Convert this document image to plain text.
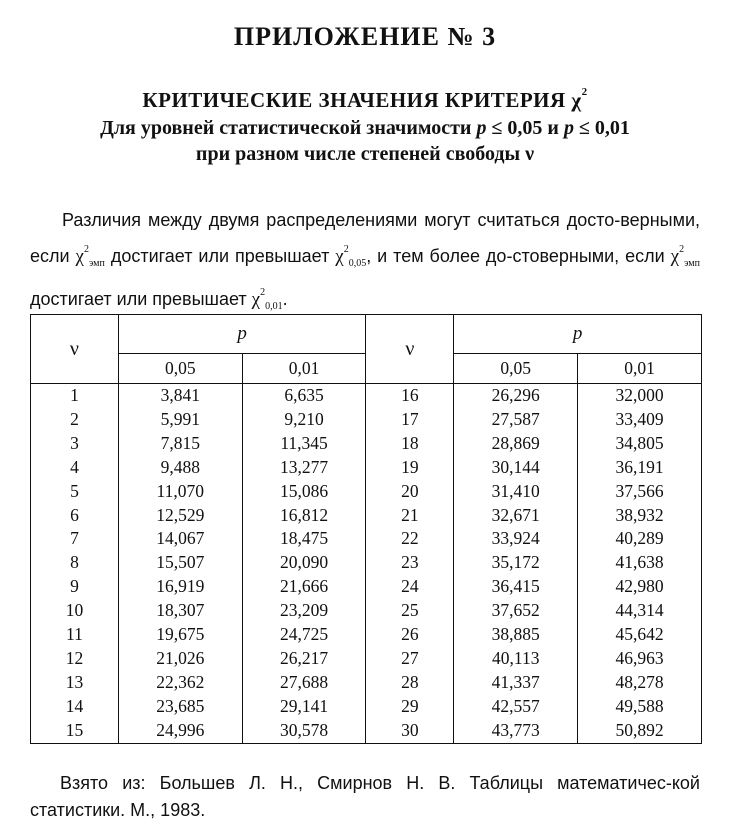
ПРИЛОЖЕНИЕ № 3
КРИТИЧЕСКИЕ ЗНАЧЕНИЯ КРИТЕРИЯ $\chi^2$
Для уровней статистической значимости p ≤ 0,05 и p ≤ 0,01
при разном числе степеней свободы ν
Различия между двумя распределениями могут считаться досто-верными, если $\chi^2_{эмп}$ достигает или превышает $\chi^2_{0,05}$, и тем более до-стоверными, если $\chi^2_{эмп}$ достигает или превышает $\chi^2_{0,01}$.
ν	p		ν	p	
	0,05	0,01		0,05	0,01
1	3,841	6,635	16	26,296	32,000
2	5,991	9,210	17	27,587	33,409
3	7,815	11,345	18	28,869	34,805
4	9,488	13,277	19	30,144	36,191
5	11,070	15,086	20	31,410	37,566
6	12,529	16,812	21	32,671	38,932
7	14,067	18,475	22	33,924	40,289
8	15,507	20,090	23	35,172	41,638
9	16,919	21,666	24	36,415	42,980
10	18,307	23,209	25	37,652	44,314
11	19,675	24,725	26	38,885	45,642
12	21,026	26,217	27	40,113	46,963
13	22,362	27,688	28	41,337	48,278
14	23,685	29,141	29	42,557	49,588
15	24,996	30,578	30	43,773	50,892
Взято из: Большев Л. Н., Смирнов Н. В. Таблицы математичес-кой статистики. М., 1983.
